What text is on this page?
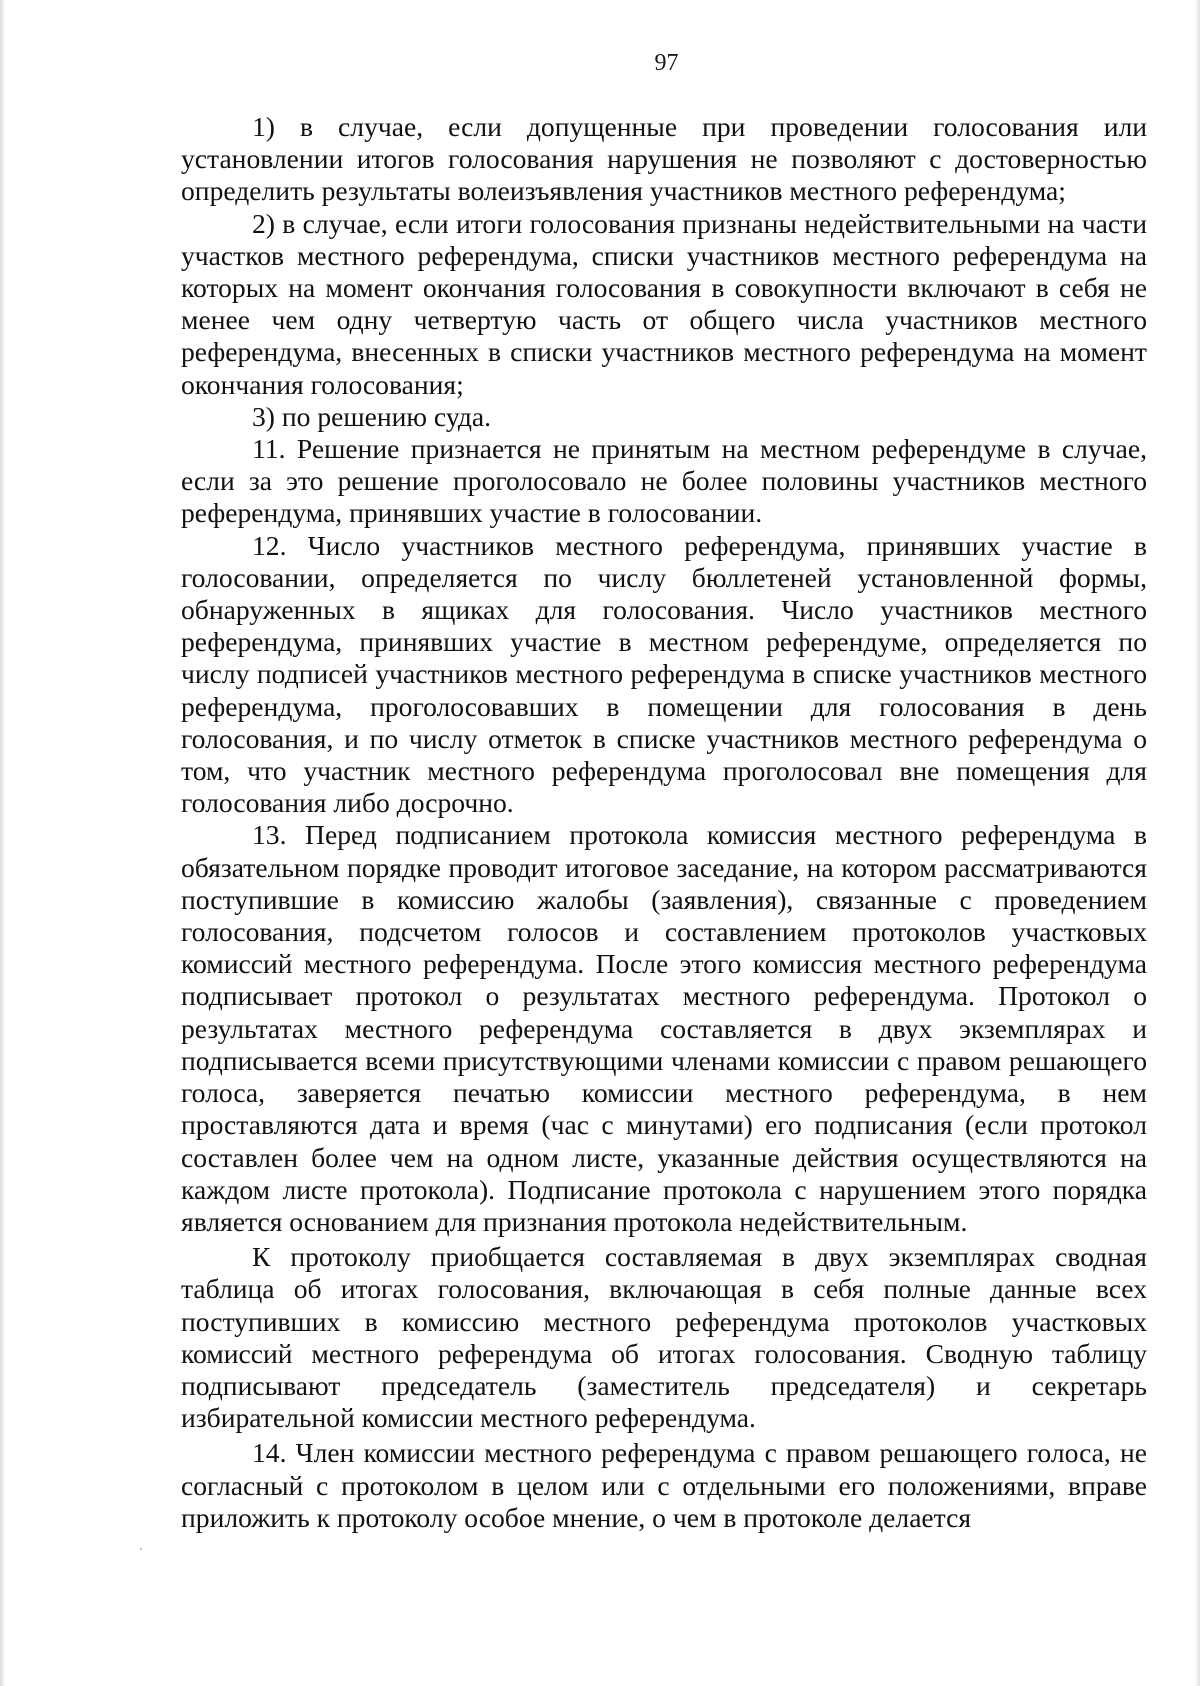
97

1) в случае, если допущенные при проведении голосования или установлении итогов голосования нарушения не позволяют с достоверностью определить результаты волеизъявления участников местного референдума;

2) в случае, если итоги голосования признаны недействительными на части участков местного референдума, списки участников местного референдума на которых на момент окончания голосования в совокупности включают в себя не менее чем одну четвертую часть от общего числа участников местного референдума, внесенных в списки участников местного референдума на момент окончания голосования;

3) по решению суда.

11. Решение признается не принятым на местном референдуме в случае, если за это решение проголосовало не более половины участников местного референдума, принявших участие в голосовании.

12. Число участников местного референдума, принявших участие в голосовании, определяется по числу бюллетеней установленной формы, обнаруженных в ящиках для голосования. Число участников местного референдума, принявших участие в местном референдуме, определяется по числу подписей участников местного референдума в списке участников местного референдума, проголосовавших в помещении для голосования в день голосования, и по числу отметок в списке участников местного референдума о том, что участник местного референдума проголосовал вне помещения для голосования либо досрочно.

13. Перед подписанием протокола комиссия местного референдума в обязательном порядке проводит итоговое заседание, на котором рассматриваются поступившие в комиссию жалобы (заявления), связанные с проведением голосования, подсчетом голосов и составлением протоколов участковых комиссий местного референдума. После этого комиссия местного референдума подписывает протокол о результатах местного референдума. Протокол о результатах местного референдума составляется в двух экземплярах и подписывается всеми присутствующими членами комиссии с правом решающего голоса, заверяется печатью комиссии местного референдума, в нем проставляются дата и время (час с минутами) его подписания (если протокол составлен более чем на одном листе, указанные действия осуществляются на каждом листе протокола). Подписание протокола с нарушением этого порядка является основанием для признания протокола недействительным.

К протоколу приобщается составляемая в двух экземплярах сводная таблица об итогах голосования, включающая в себя полные данные всех поступивших в комиссию местного референдума протоколов участковых комиссий местного референдума об итогах голосования. Сводную таблицу подписывают председатель (заместитель председателя) и секретарь избирательной комиссии местного референдума.

14. Член комиссии местного референдума с правом решающего голоса, не согласный с протоколом в целом или с отдельными его положениями, вправе приложить к протоколу особое мнение, о чем в протоколе делается
